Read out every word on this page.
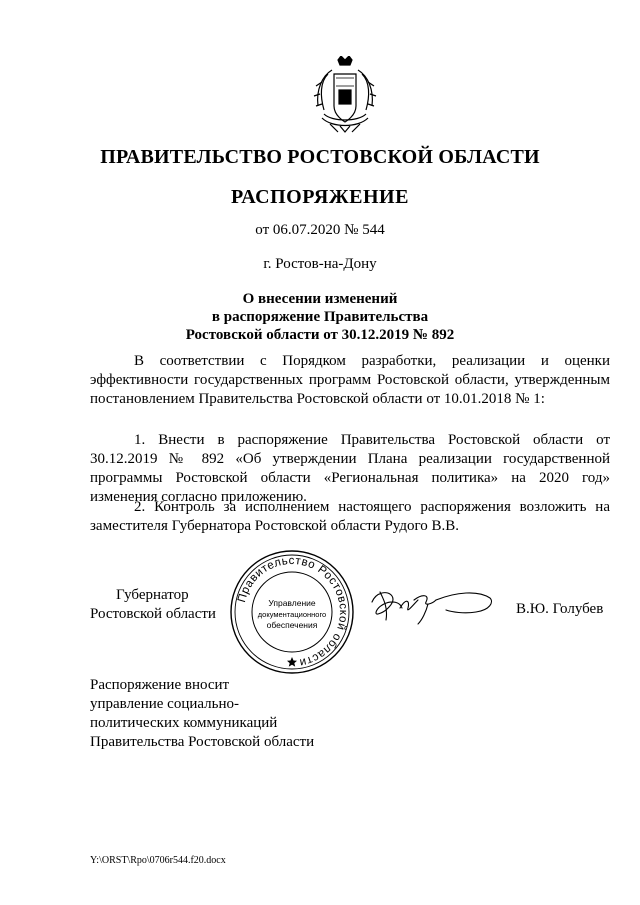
ПРАВИТЕЛЬСТВО РОСТОВСКОЙ ОБЛАСТИ
РАСПОРЯЖЕНИЕ
от 06.07.2020 № 544
г. Ростов-на-Дону
О внесении изменений
в распоряжение Правительства
Ростовской области от 30.12.2019 № 892
В соответствии с Порядком разработки, реализации и оценки эффективности государственных программ Ростовской области, утвержденным постановлением Правительства Ростовской области от 10.01.2018 № 1:
1. Внести в распоряжение Правительства Ростовской области от 30.12.2019 № 892 «Об утверждении Плана реализации государственной программы Ростовской области «Региональная политика» на 2020 год» изменения согласно приложению.
2. Контроль за исполнением настоящего распоряжения возложить на заместителя Губернатора Ростовской области Рудого В.В.
Губернатор
Ростовской области
Правительство Ростовской области
Управление
документационного
обеспечения
В.Ю. Голубев
Распоряжение вносит
управление социально-
политических коммуникаций
Правительства Ростовской области
Y:\ORST\Rpo\0706r544.f20.docx
